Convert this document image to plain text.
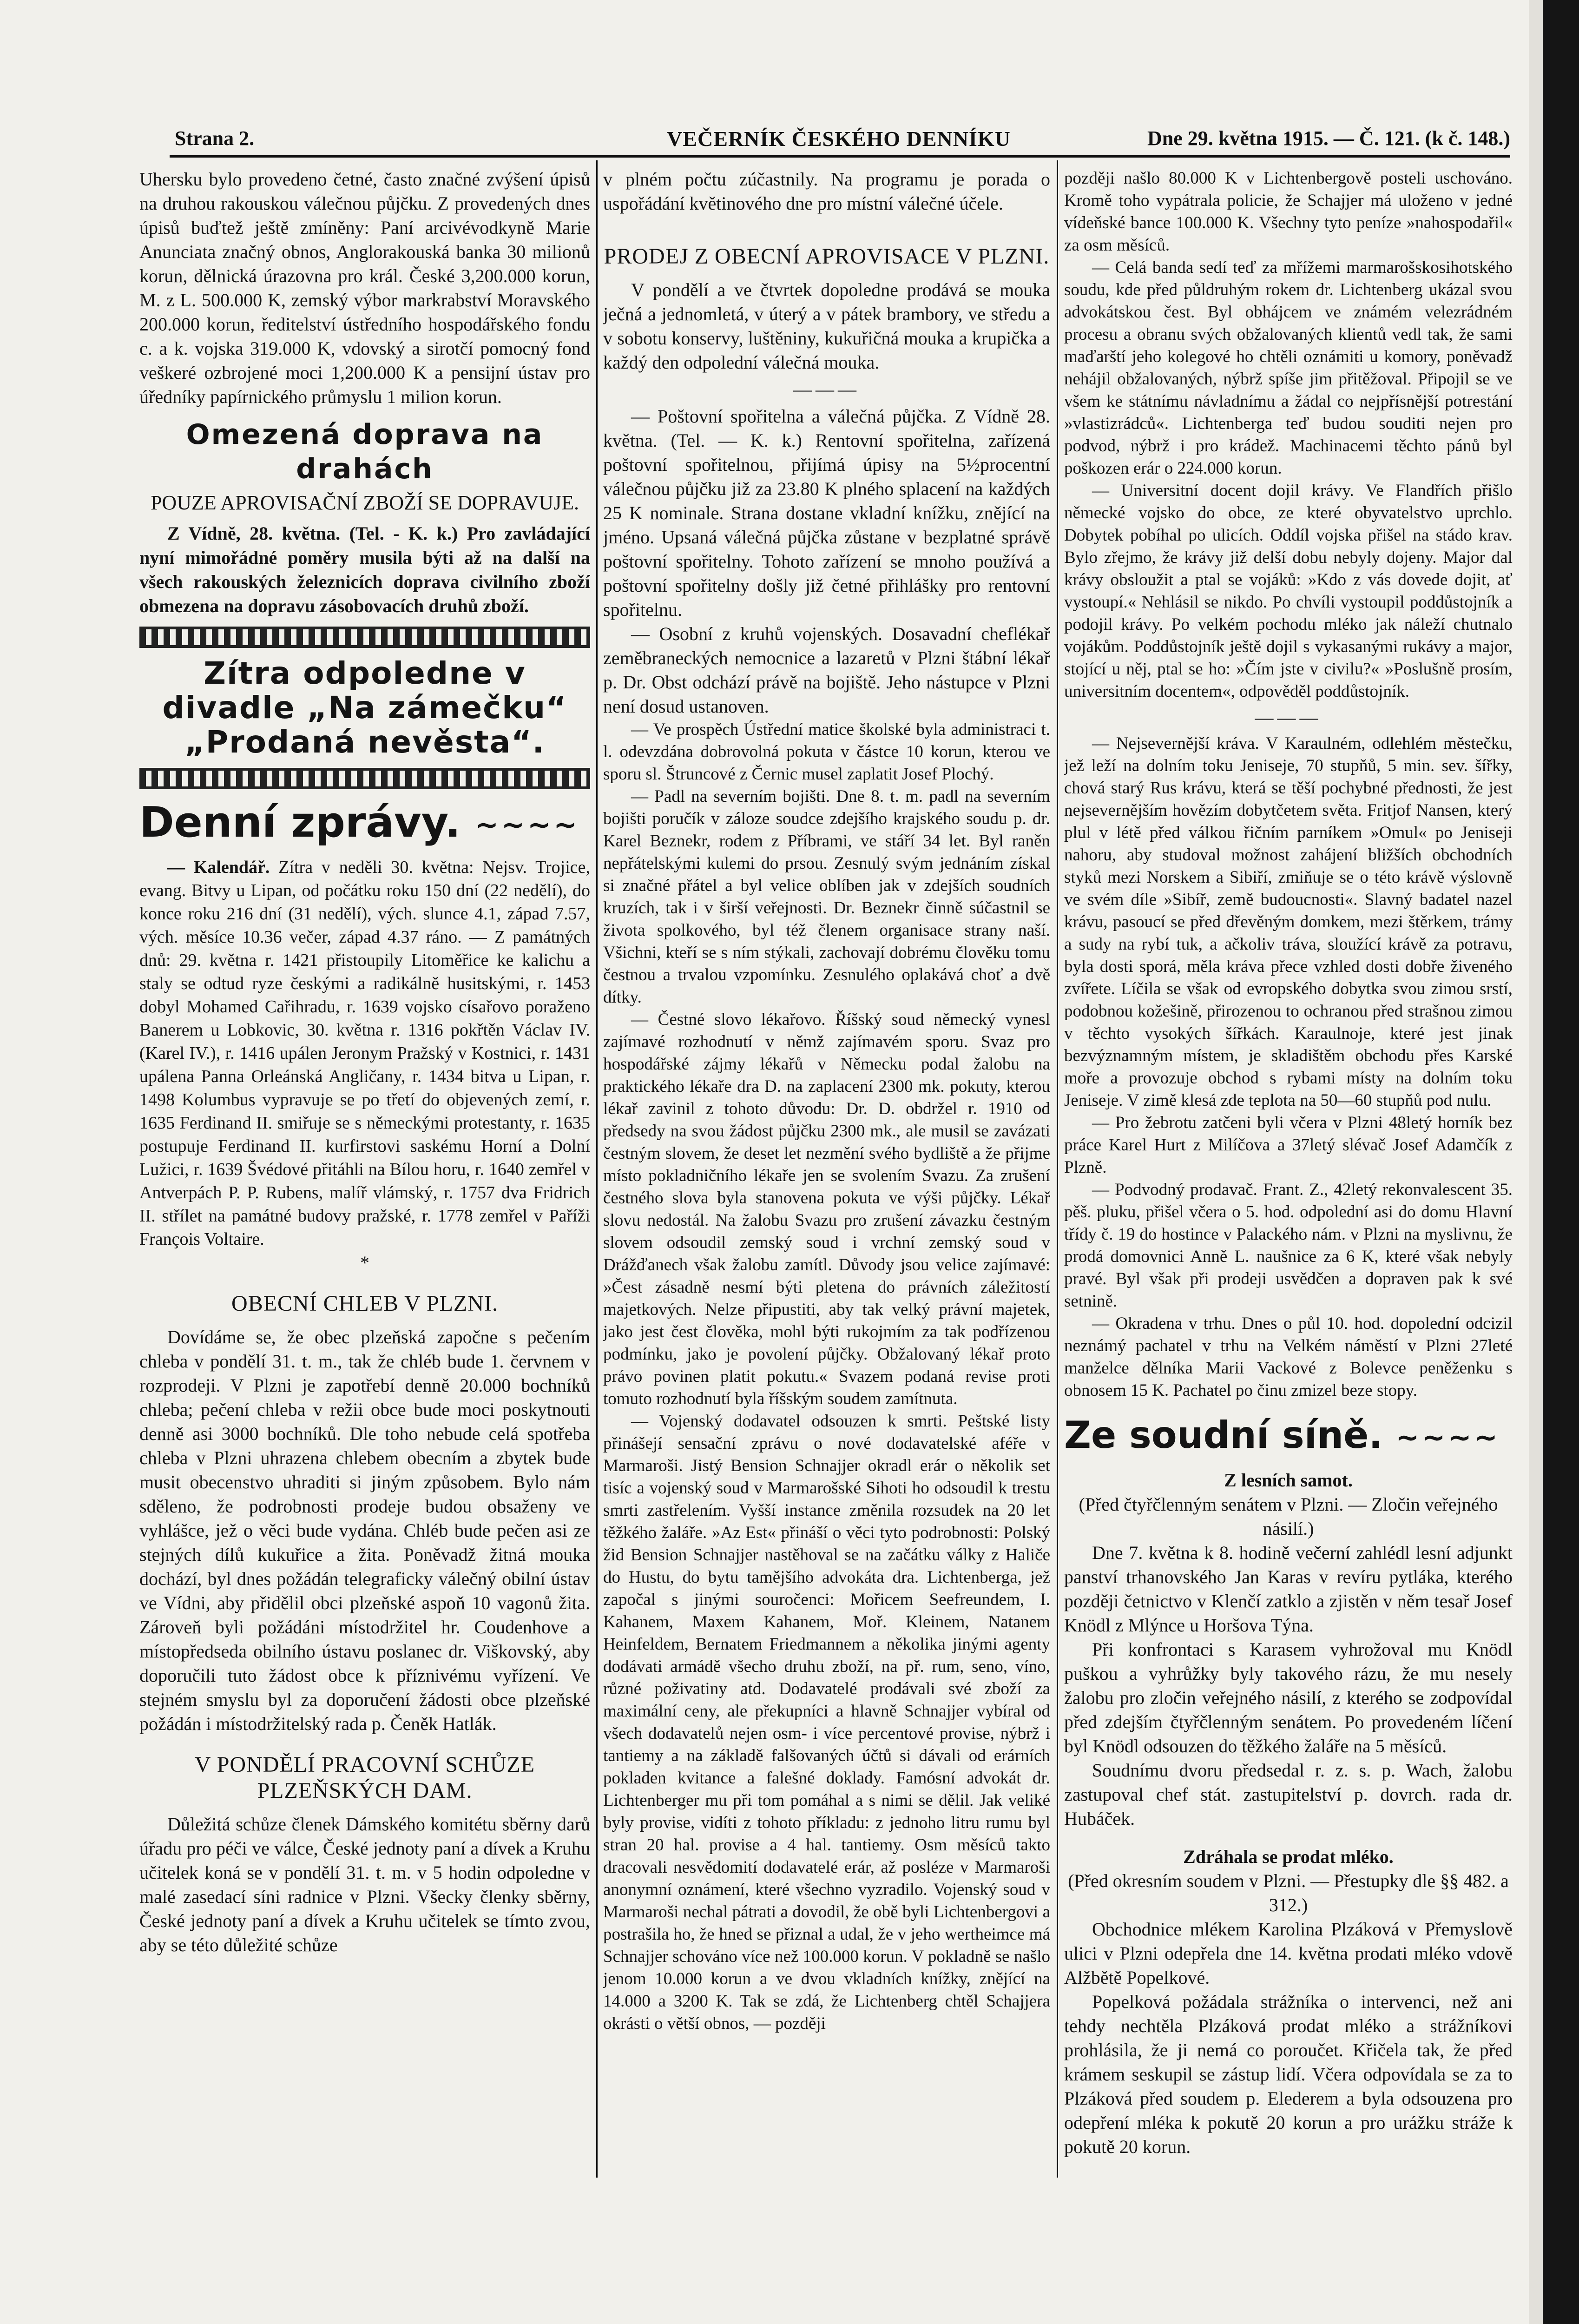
VEČERNÍK ČESKÉHO DENNÍKU
Strana 2.	Dne 29. května 1915. — Č. 121. (k č. 148.)

Uhersku bylo provedeno četné, často značné zvýšení úpisů na druhou rakouskou válečnou půjčku. Z provedených dnes úpisů buďtež ještě zmíněny: Paní arcivévodkyně Marie Anunciata značný obnos, Anglorakouská banka 30 milionů korun, dělnická úrazovna pro král. České 3,200.000 korun, M. z L. 500.000 K, zemský výbor markrabství Moravského 200.000 korun, ředitelství ústředního hospodářského fondu c. a k. vojska 319.000 K, vdovský a sirotčí pomocný fond veškeré ozbrojené moci 1,200.000 K a pensijní ústav pro úředníky papírnického průmyslu 1 milion korun.

Omezená doprava na drahách
POUZE APROVISAČNÍ ZBOŽÍ SE DOPRAVUJE.

Z Vídně, 28. května. (Tel. - K. k.) Pro zavládající nyní mimořádné poměry musila býti až na další na všech rakouských železnicích doprava civilního zboží obmezena na dopravu zásobovacích druhů zboží.

Zítra odpoledne v divadle „Na zámečku“ „Prodaná nevěsta“.
Denní zprávy. ~~~~

— Kalendář. Zítra v neděli 30. května: Nejsv. Trojice, evang. Bitvy u Lipan, od počátku roku 150 dní (22 nedělí), do konce roku 216 dní (31 nedělí), vých. slunce 4.1, západ 7.57, vých. měsíce 10.36 večer, západ 4.37 ráno. — Z památných dnů: 29. května r. 1421 přistoupily Litoměřice ke kalichu a staly se odtud ryze českými a radikálně husitskými, r. 1453 dobyl Mohamed Cařihradu, r. 1639 vojsko císařovo poraženo Banerem u Lobkovic, 30. května r. 1316 pokřtěn Václav IV. (Karel IV.), r. 1416 upálen Jeronym Pražský v Kostnici, r. 1431 upálena Panna Orleánská Angličany, r. 1434 bitva u Lipan, r. 1498 Kolumbus vypravuje se po třetí do objevených zemí, r. 1635 Ferdinand II. smiřuje se s německými protestanty, r. 1635 postupuje Ferdinand II. kurfirstovi saskému Horní a Dolní Lužici, r. 1639 Švédové přitáhli na Bílou horu, r. 1640 zemřel v Antverpách P. P. Rubens, malíř vlámský, r. 1757 dva Fridrich II. střílet na památné budovy pražské, r. 1778 zemřel v Paříži François Voltaire.

*
OBECNÍ CHLEB V PLZNI.

Dovídáme se, že obec plzeňská započne s pečením chleba v pondělí 31. t. m., tak že chléb bude 1. červnem v rozprodeji. V Plzni je zapotřebí denně 20.000 bochníků chleba; pečení chleba v režii obce bude moci poskytnouti denně asi 3000 bochníků. Dle toho nebude celá spotřeba chleba v Plzni uhrazena chlebem obecním a zbytek bude musit obecenstvo uhraditi si jiným způsobem. Bylo nám sděleno, že podrobnosti prodeje budou obsaženy ve vyhlášce, jež o věci bude vydána. Chléb bude pečen asi ze stejných dílů kukuřice a žita. Poněvadž žitná mouka dochází, byl dnes požádán telegraficky válečný obilní ústav ve Vídni, aby přidělil obci plzeňské aspoň 10 vagonů žita. Zároveň byli požádáni místodržitel hr. Coudenhove a místopředseda obilního ústavu poslanec dr. Viškovský, aby doporučili tuto žádost obce k příznivému vyřízení. Ve stejném smyslu byl za doporučení žádosti obce plzeňské požádán i místodržitelský rada p. Čeněk Hatlák.

V PONDĚLÍ PRACOVNÍ SCHŮZE PLZEŇSKÝCH DAM.

Důležitá schůze členek Dámského komitétu sběrny darů úřadu pro péči ve válce, České jednoty paní a dívek a Kruhu učitelek koná se v pondělí 31. t. m. v 5 hodin odpoledne v malé zasedací síni radnice v Plzni. Všecky členky sběrny, České jednoty paní a dívek a Kruhu učitelek se tímto zvou, aby se této důležité schůze

v plném počtu zúčastnily. Na programu je porada o uspořádání květinového dne pro místní válečné účele.

PRODEJ Z OBECNÍ APROVISACE V PLZNI.

V pondělí a ve čtvrtek dopoledne prodává se mouka ječná a jednomletá, v úterý a v pátek brambory, ve středu a v sobotu konservy, luštěniny, kukuřičná mouka a krupička a každý den odpolední válečná mouka.

———

— Poštovní spořitelna a válečná půjčka. Z Vídně 28. května. (Tel. — K. k.) Rentovní spořitelna, zařízená poštovní spořitelnou, přijímá úpisy na 5½procentní válečnou půjčku již za 23.80 K plného splacení na každých 25 K nominale. Strana dostane vkladní knížku, znějící na jméno. Upsaná válečná půjčka zůstane v bezplatné správě poštovní spořitelny. Tohoto zařízení se mnoho používá a poštovní spořitelny došly již četné přihlášky pro rentovní spořitelnu.

— Osobní z kruhů vojenských. Dosavadní cheflékař zeměbraneckých nemocnice a lazaretů v Plzni štábní lékař p. Dr. Obst odchází právě na bojiště. Jeho nástupce v Plzni není dosud ustanoven.

— Ve prospěch Ústřední matice školské byla administraci t. l. odevzdána dobrovolná pokuta v částce 10 korun, kterou ve sporu sl. Štruncové z Černic musel zaplatit Josef Plochý.

— Padl na severním bojišti. Dne 8. t. m. padl na severním bojišti poručík v záloze soudce zdejšího krajského soudu p. dr. Karel Beznekr, rodem z Příbrami, ve stáří 34 let. Byl raněn nepřátelskými kulemi do prsou. Zesnulý svým jednáním získal si značné přátel a byl velice oblíben jak v zdejších soudních kruzích, tak i v širší veřejnosti. Dr. Beznekr činně súčastnil se života spolkového, byl též členem organisace strany naší. Všichni, kteří se s ním stýkali, zachovají dobrému člověku tomu čestnou a trvalou vzpomínku. Zesnulého oplakává choť a dvě dítky.

— Čestné slovo lékařovo. Říšský soud německý vynesl zajímavé rozhodnutí v němž zajímavém sporu. Svaz pro hospodářské zájmy lékařů v Německu podal žalobu na praktického lékaře dra D. na zaplacení 2300 mk. pokuty, kterou lékař zavinil z tohoto důvodu: Dr. D. obdržel r. 1910 od předsedy na svou žádost půjčku 2300 mk., ale musil se zavázati čestným slovem, že deset let nezmění svého bydliště a že přijme místo pokladničního lékaře jen se svolením Svazu. Za zrušení čestného slova byla stanovena pokuta ve výši půjčky. Lékař slovu nedostál. Na žalobu Svazu pro zrušení závazku čestným slovem odsoudil zemský soud i vrchní zemský soud v Drážďanech však žalobu zamítl. Důvody jsou velice zajímavé: »Čest zásadně nesmí býti pletena do právních záležitostí majetkových. Nelze připustiti, aby tak velký právní majetek, jako jest čest člověka, mohl býti rukojmím za tak podřízenou podmínku, jako je povolení půjčky. Obžalovaný lékař proto právo povinen platit pokutu.« Svazem podaná revise proti tomuto rozhodnutí byla říšským soudem zamítnuta.

— Vojenský dodavatel odsouzen k smrti. Peštské listy přinášejí sensační zprávu o nové dodavatelské aféře v Marmaroši. Jistý Bension Schnajjer okradl erár o několik set tisíc a vojenský soud v Marmarošské Sihoti ho odsoudil k trestu smrti zastřelením. Vyšší instance změnila rozsudek na 20 let těžkého žaláře. »Az Est« přináší o věci tyto podrobnosti: Polský žid Bension Schnajjer nastěhoval se na začátku války z Haliče do Hustu, do bytu tamějšího advokáta dra. Lichtenberga, jež započal s jinými souročenci: Mořicem Seefreundem, I. Kahanem, Maxem Kahanem, Moř. Kleinem, Natanem Heinfeldem, Bernatem Friedmannem a několika jinými agenty dodávati armádě všecho druhu zboží, na př. rum, seno, víno, různé poživatiny atd. Dodavatelé prodávali své zboží za maximální ceny, ale překupníci a hlavně Schnajjer vybíral od všech dodavatelů nejen osm- i více percentové provise, nýbrž i tantiemy a na základě falšovaných účtů si dávali od erárních pokladen kvitance a falešné doklady. Famósní advokát dr. Lichtenberger mu při tom pomáhal a s nimi se dělil. Jak veliké byly provise, vidíti z tohoto příkladu: z jednoho litru rumu byl stran 20 hal. provise a 4 hal. tantiemy. Osm měsíců takto dracovali nesvědomití dodavatelé erár, až posléze v Marmaroši anonymní oznámení, které všechno vyzradilo. Vojenský soud v Marmaroši nechal pátrati a dovodil, že obě byli Lichtenbergovi a postrašila ho, že hned se přiznal a udal, že v jeho wertheimce má Schnajjer schováno více než 100.000 korun. V pokladně se našlo jenom 10.000 korun a ve dvou vkladních knížky, znějící na 14.000 a 3200 K. Tak se zdá, že Lichtenberg chtěl Schajjera okrásti o větší obnos, — později

později našlo 80.000 K v Lichtenbergově posteli uschováno. Kromě toho vypátrala policie, že Schajjer má uloženo v jedné vídeňské bance 100.000 K. Všechny tyto peníze »nahospodařil« za osm měsíců.

— Celá banda sedí teď za mřížemi marmarošskosihotského soudu, kde před půldruhým rokem dr. Lichtenberg ukázal svou advokátskou čest. Byl obhájcem ve známém velezrádném procesu a obranu svých obžalovaných klientů vedl tak, že sami maďarští jeho kolegové ho chtěli oznámiti u komory, poněvadž nehájil obžalovaných, nýbrž spíše jim přitěžoval. Připojil se ve všem ke státnímu návladnímu a žádal co nejpřísnější potrestání »vlastizrádců«. Lichtenberga teď budou souditi nejen pro podvod, nýbrž i pro krádež. Machinacemi těchto pánů byl poškozen erár o 224.000 korun.

— Universitní docent dojil krávy. Ve Flandřích přišlo německé vojsko do obce, ze které obyvatelstvo uprchlo. Dobytek pobíhal po ulicích. Oddíl vojska přišel na stádo krav. Bylo zřejmo, že krávy již delší dobu nebyly dojeny. Major dal krávy obsloužit a ptal se vojáků: »Kdo z vás dovede dojit, ať vystoupí.« Nehlásil se nikdo. Po chvíli vystoupil poddůstojník a podojil krávy. Po velkém pochodu mléko jak náleží chutnalo vojákům. Poddůstojník ještě dojil s vykasanými rukávy a major, stojící u něj, ptal se ho: »Čím jste v civilu?« »Poslušně prosím, universitním docentem«, odpověděl poddůstojník.

———

— Nejsevernější kráva. V Karaulném, odlehlém městečku, jež leží na dolním toku Jeniseje, 70 stupňů, 5 min. sev. šířky, chová starý Rus krávu, která se těší pochybné přednosti, že jest nejsevernějším hovězím dobytčetem světa. Fritjof Nansen, který plul v létě před válkou řičním parníkem »Omul« po Jeniseji nahoru, aby studoval možnost zahájení bližších obchodních styků mezi Norskem a Sibiří, zmiňuje se o této krávě výslovně ve svém díle »Sibíř, země budoucnosti«. Slavný badatel nazel krávu, pasoucí se před dřevěným domkem, mezi štěrkem, trámy a sudy na rybí tuk, a ačkoliv tráva, sloužící krávě za potravu, byla dosti sporá, měla kráva přece vzhled dosti dobře živeného zvířete. Líčila se však od evropského dobytka svou zimou srstí, podobnou kožešině, přirozenou to ochranou před strašnou zimou v těchto vysokých šířkách. Karaulnoje, které jest jinak bezvýznamným místem, je skladištěm obchodu přes Karské moře a provozuje obchod s rybami místy na dolním toku Jeniseje. V zimě klesá zde teplota na 50—60 stupňů pod nulu.

— Pro žebrotu zatčeni byli včera v Plzni 48letý horník bez práce Karel Hurt z Milíčova a 37letý slévač Josef Adamčík z Plzně.

— Podvodný prodavač. Frant. Z., 42letý rekonvalescent 35. pěš. pluku, přišel včera o 5. hod. odpolední asi do domu Hlavní třídy č. 19 do hostince v Palackého nám. v Plzni na myslivnu, že prodá domovnici Anně L. naušnice za 6 K, které však nebyly pravé. Byl však při prodeji usvědčen a dopraven pak k své setnině.

— Okradena v trhu. Dnes o půl 10. hod. dopolední odcizil neznámý pachatel v trhu na Velkém náměstí v Plzni 27leté manželce dělníka Marii Vackové z Bolevce peněženku s obnosem 15 K. Pachatel po činu zmizel beze stopy.

Ze soudní síně. ~~~~
Z lesních samot.
(Před čtyřčlenným senátem v Plzni. — Zločin veřejného násilí.)

Dne 7. května k 8. hodině večerní zahlédl lesní adjunkt panství trhanovského Jan Karas v revíru pytláka, kterého později četnictvo v Klenčí zatklo a zjistěn v něm tesař Josef Knödl z Mlýnce u Horšova Týna.

Při konfrontaci s Karasem vyhrožoval mu Knödl puškou a vyhrůžky byly takového rázu, že mu nesely žalobu pro zločin veřejného násilí, z kterého se zodpovídal před zdejším čtyřčlenným senátem. Po provedeném líčení byl Knödl odsouzen do těžkého žaláře na 5 měsíců.

Soudnímu dvoru předsedal r. z. s. p. Wach, žalobu zastupoval chef stát. zastupitelství p. dovrch. rada dr. Hubáček.

Zdráhala se prodat mléko.
(Před okresním soudem v Plzni. — Přestupky dle §§ 482. a 312.)

Obchodnice mlékem Karolina Plzáková v Přemyslově ulici v Plzni odepřela dne 14. května prodati mléko vdově Alžbětě Popelkové.

Popelková požádala strážníka o intervenci, než ani tehdy nechtěla Plzáková prodat mléko a strážníkovi prohlásila, že ji nemá co poroučet. Křičela tak, že před krámem seskupil se zástup lidí. Včera odpovídala se za to Plzáková před soudem p. Elederem a byla odsouzena pro odepření mléka k pokutě 20 korun a pro urážku stráže k pokutě 20 korun.
